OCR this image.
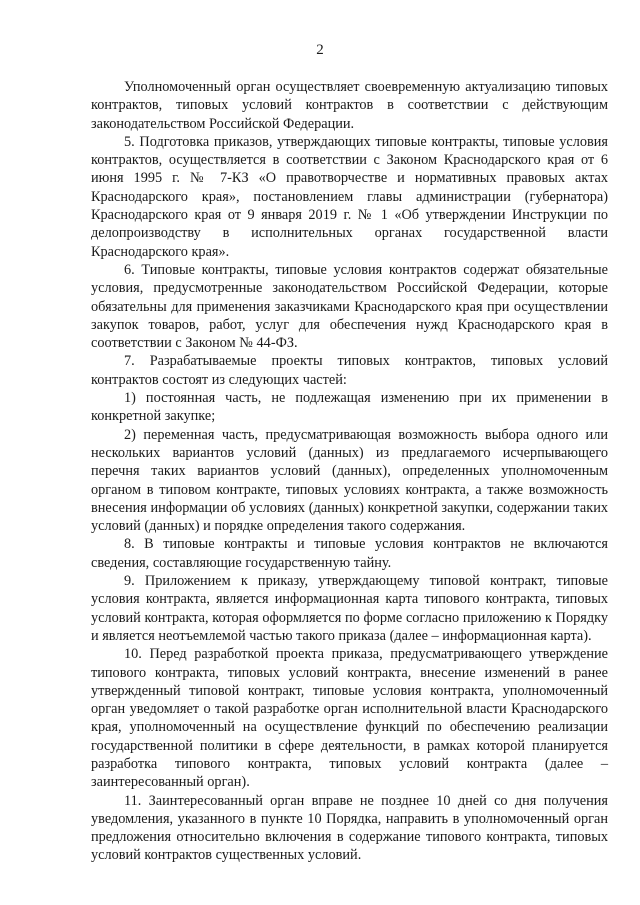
2

Уполномоченный орган осуществляет своевременную актуализацию типовых контрактов, типовых условий контрактов в соответствии с действующим законодательством Российской Федерации.

5. Подготовка приказов, утверждающих типовые контракты, типовые условия контрактов, осуществляется в соответствии с Законом Краснодарского края от 6 июня 1995 г. № 7-КЗ «О правотворчестве и нормативных правовых актах Краснодарского края», постановлением главы администрации (губернатора) Краснодарского края от 9 января 2019 г. № 1 «Об утверждении Инструкции по делопроизводству в исполнительных органах государственной власти Краснодарского края».

6. Типовые контракты, типовые условия контрактов содержат обязательные условия, предусмотренные законодательством Российской Федерации, которые обязательны для применения заказчиками Краснодарского края при осуществлении закупок товаров, работ, услуг для обеспечения нужд Краснодарского края в соответствии с Законом № 44-ФЗ.

7. Разрабатываемые проекты типовых контрактов, типовых условий контрактов состоят из следующих частей:

1) постоянная часть, не подлежащая изменению при их применении в конкретной закупке;

2) переменная часть, предусматривающая возможность выбора одного или нескольких вариантов условий (данных) из предлагаемого исчерпывающего перечня таких вариантов условий (данных), определенных уполномоченным органом в типовом контракте, типовых условиях контракта, а также возможность внесения информации об условиях (данных) конкретной закупки, содержании таких условий (данных) и порядке определения такого содержания.

8. В типовые контракты и типовые условия контрактов не включаются сведения, составляющие государственную тайну.

9. Приложением к приказу, утверждающему типовой контракт, типовые условия контракта, является информационная карта типового контракта, типовых условий контракта, которая оформляется по форме согласно приложению к Порядку и является неотъемлемой частью такого приказа (далее – информационная карта).

10. Перед разработкой проекта приказа, предусматривающего утверждение типового контракта, типовых условий контракта, внесение изменений в ранее утвержденный типовой контракт, типовые условия контракта, уполномоченный орган уведомляет о такой разработке орган исполнительной власти Краснодарского края, уполномоченный на осуществление функций по обеспечению реализации государственной политики в сфере деятельности, в рамках которой планируется разработка типового контракта, типовых условий контракта (далее – заинтересованный орган).

11. Заинтересованный орган вправе не позднее 10 дней со дня получения уведомления, указанного в пункте 10 Порядка, направить в уполномоченный орган предложения относительно включения в содержание типового контракта, типовых условий контрактов существенных условий.
